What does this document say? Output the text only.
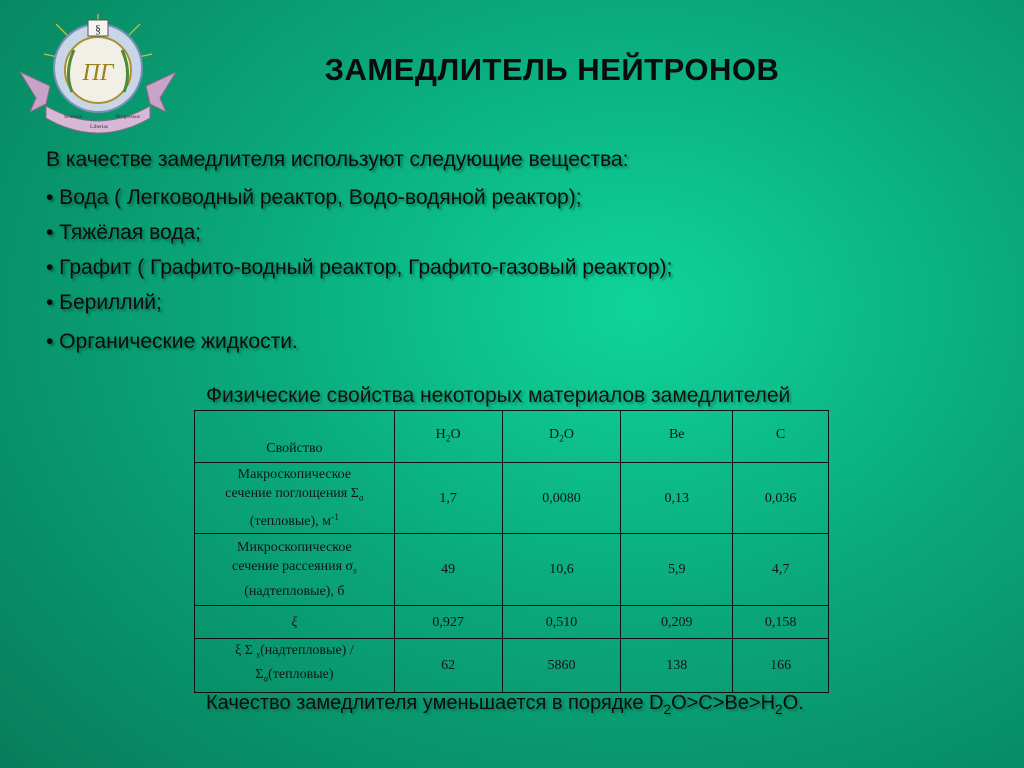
§
ПГ
Scientia
Libertas
Progressus
ЗАМЕДЛИТЕЛЬ НЕЙТРОНОВ
В качестве замедлителя используют следующие вещества:
• Вода ( Легководный реактор, Водо-водяной реактор);
• Тяжёлая вода;
• Графит ( Графито-водный реактор, Графито-газовый реактор);
• Бериллий;
• Органические жидкости.
Физические свойства некоторых материалов замедлителей
Свойство	$H_2O$	$D_2O$	Be	C
Макроскопическое
сечение поглощения $\Sigma_a$
(тепловые), $м^{-1}$	1,7	0,0080	0,13	0,036
Микроскопическое
сечение рассеяния $\sigma_s$
(надтепловые), б	49	10,6	5,9	4,7
ξ	0,927	0,510	0,209	0,158
ξ Σ $_s$(надтепловые) /
$\Sigma_a(тепловые)$	62	5860	138	166
Качество замедлителя уменьшается в порядке $D_2O>C>Be>H_2O$.
